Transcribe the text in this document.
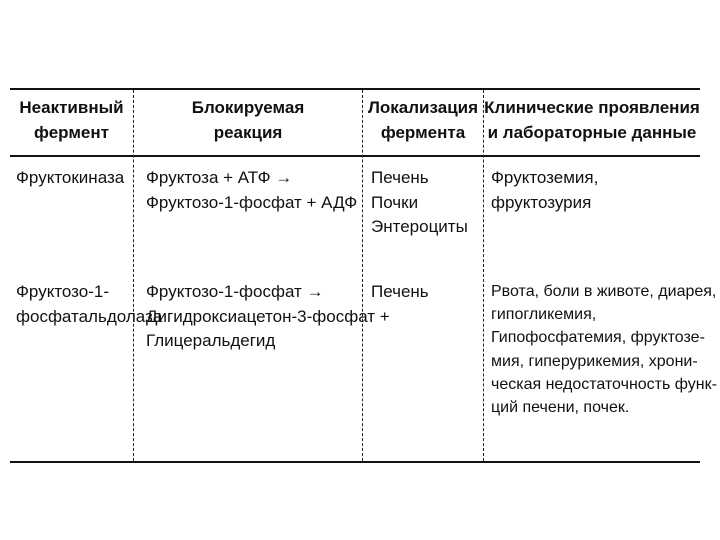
Неактивный
фермент
Блокируемая
реакция
Локализация
фермента
Клинические проявления
и лабораторные данные
Фруктокиназа	Фруктоза + АТФ →
Фруктозо-1-фосфат + АДФ
Печень
Почки
Энтероциты
Фруктоземия,
фруктозурия
Фруктозо-1-
фосфатальдолаза
Фруктозо-1-фосфат →
Дигидроксиацетон-3-фосфат +
Глицеральдегид
Печень	Рвота, боли в животе, диарея,
гипогликемия,
Гипофосфатемия, фруктозе-
мия, гиперурикемия, хрони-
ческая недостаточность функ-
ций печени, почек.
